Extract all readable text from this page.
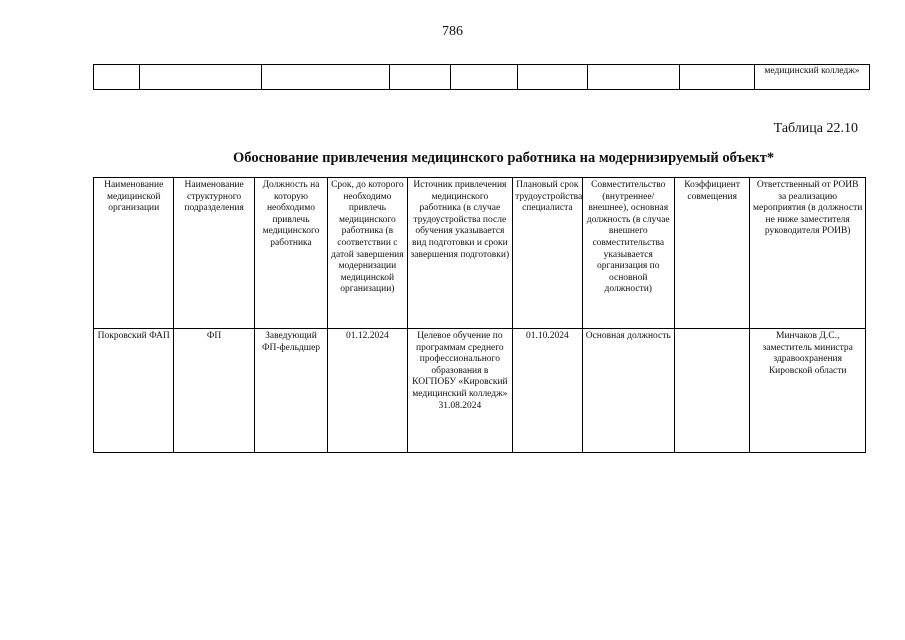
786
								медицинский колледж»
Таблица 22.10
Обоснование привлечения медицинского работника на модернизируемый объект*
Наименование медицинской организации	Наименование структурного подразделения	Должность на которую необходимо привлечь медицинского работника	Срок, до которого необходимо привлечь медицинского работника (в соответствии с датой завершения модернизации медицинской организации)	Источник привлечения медицинского работника (в случае трудоустройства после обучения указывается вид подготовки и сроки завершения подготовки)	Плановый срок трудоустройства специалиста	Совместительство (внутреннее/внешнее), основная должность (в случае внешнего совместительства указывается организация по основной должности)	Коэффициент совмещения	Ответственный от РОИВ за реализацию мероприятия (в должности не ниже заместителя руководителя РОИВ)
Покровский ФАП	ФП	Заведующий ФП-фельдшер	01.12.2024	Целевое обучение по программам среднего профессионального образования в КОГПОБУ «Кировский медицинский колледж» 31.08.2024	01.10.2024	Основная должность		Минчаков Д.С., заместитель министра здравоохранения Кировской области
